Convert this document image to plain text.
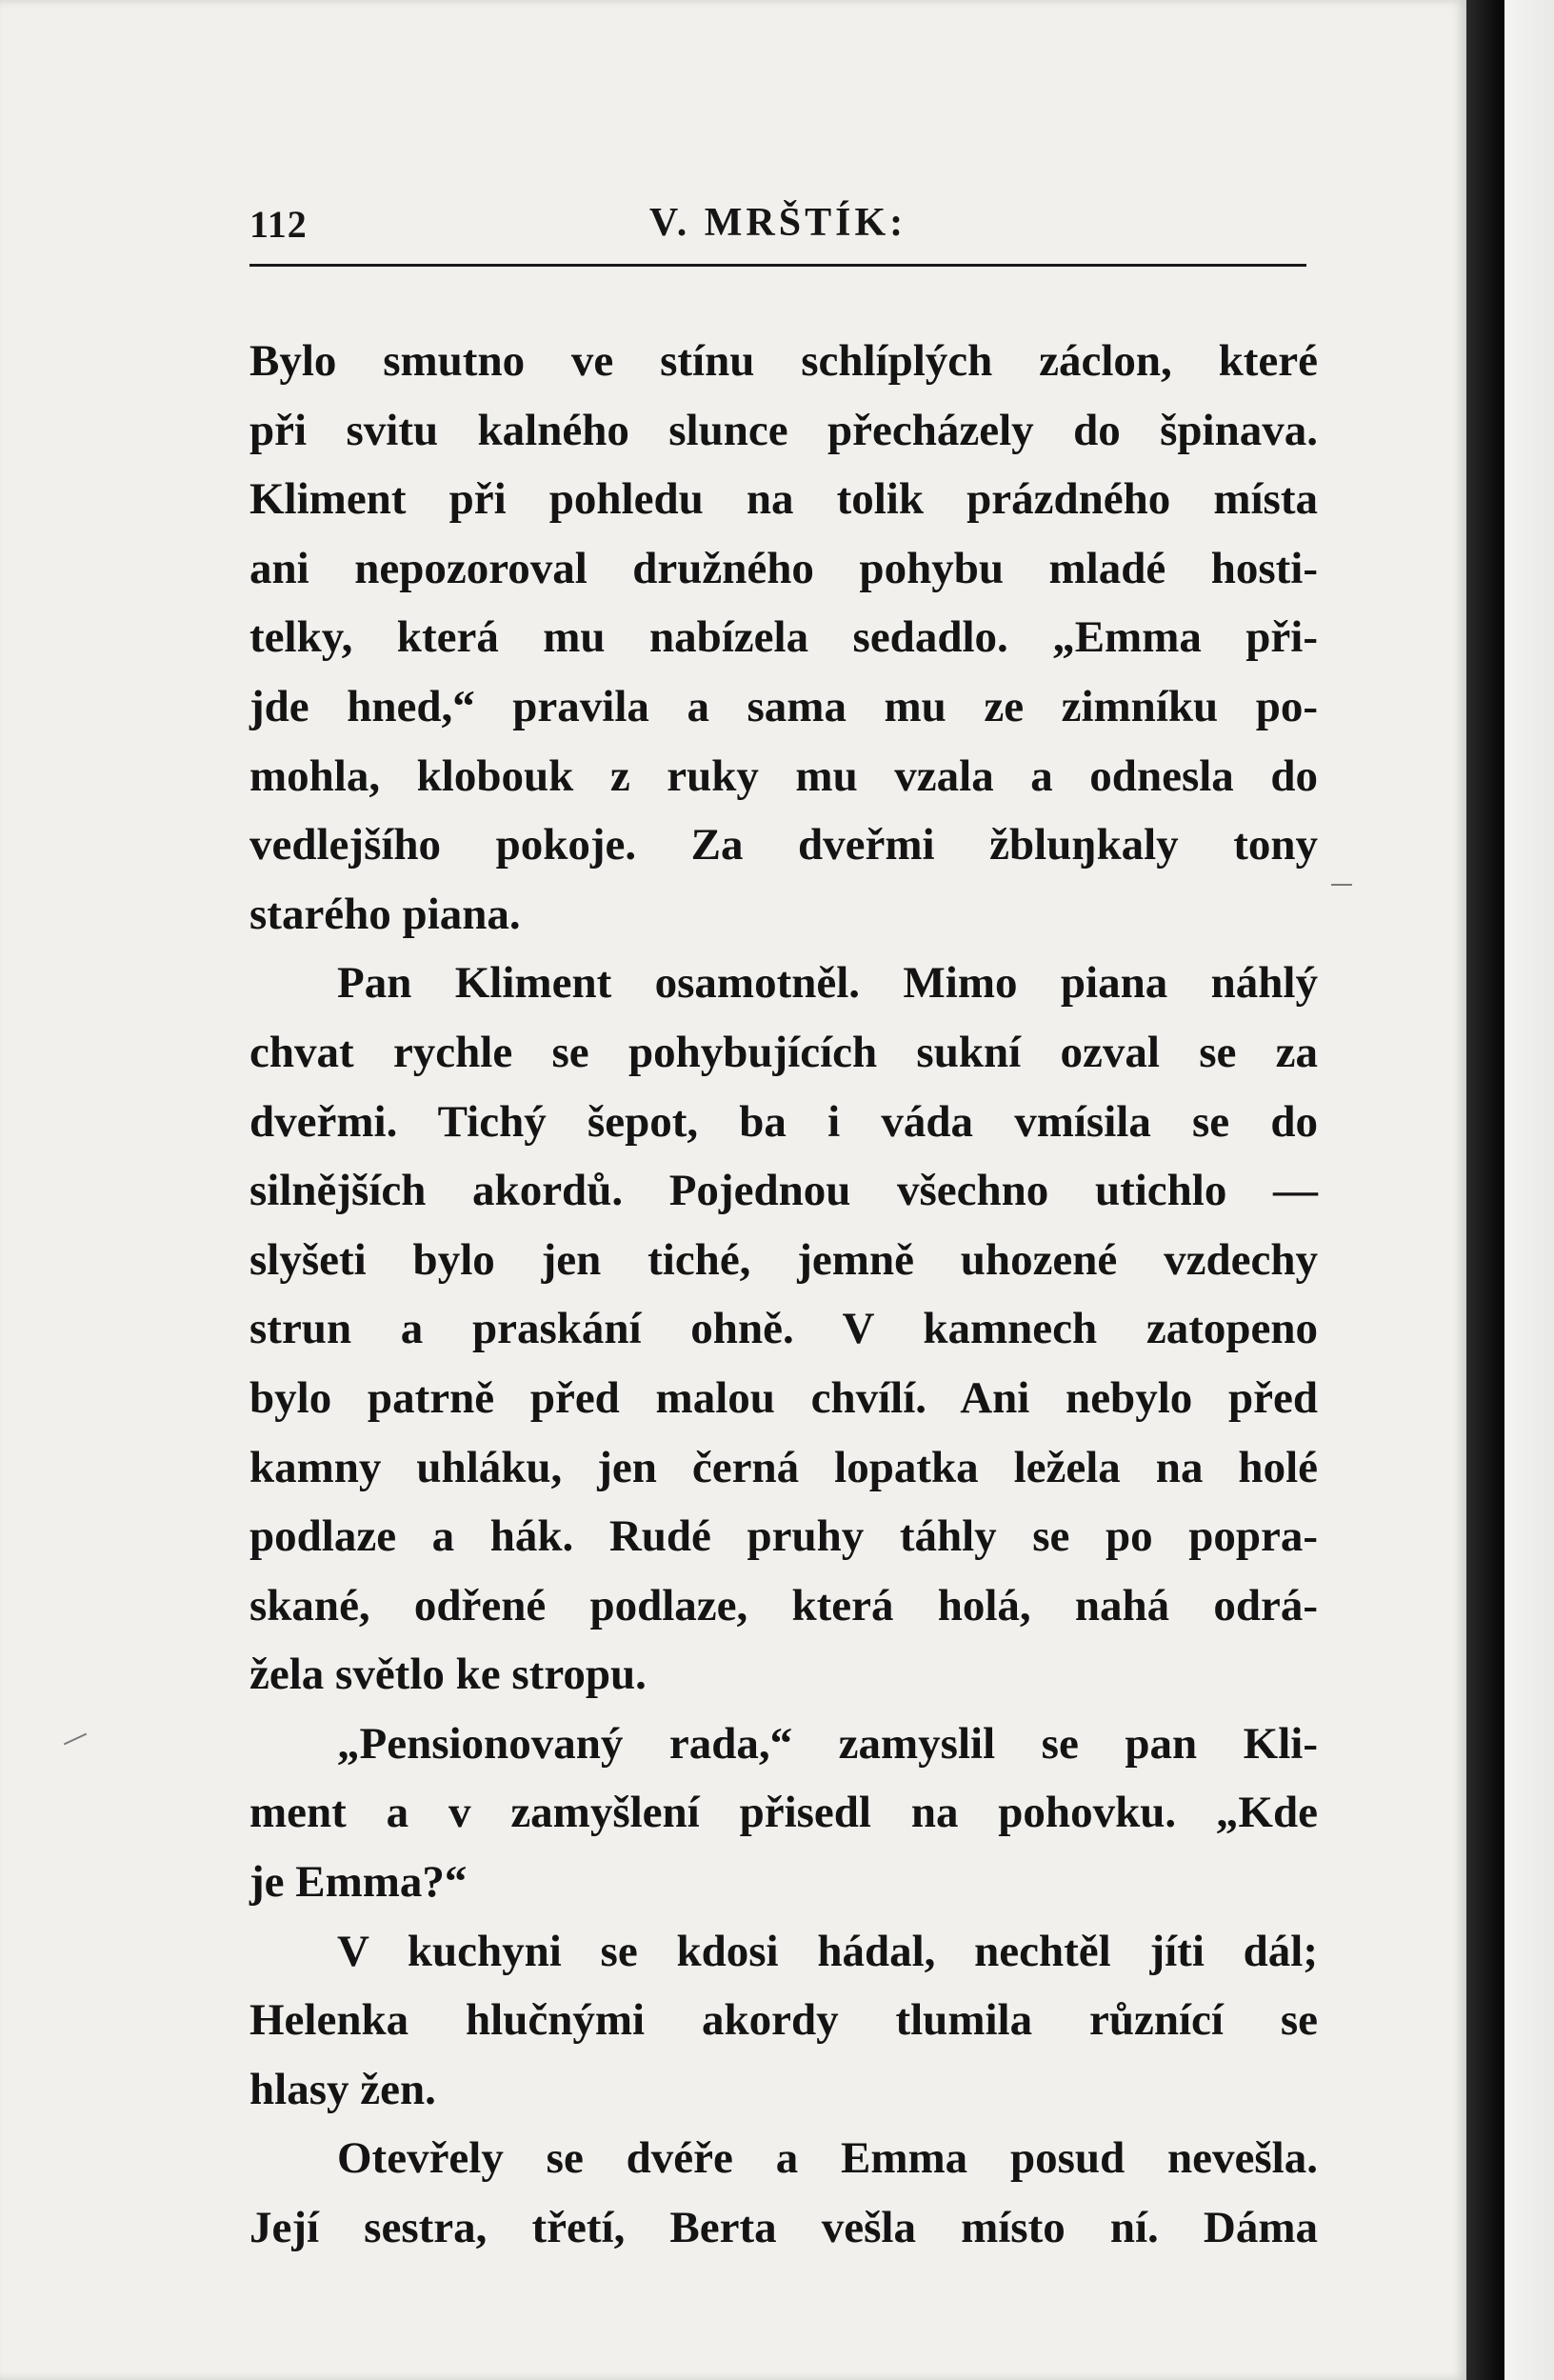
112	V. MRŠTÍK:
Bylo smutno ve stínu schlíplých záclon, které
při svitu kalného slunce přecházely do špinava.
Kliment při pohledu na tolik prázdného místa
ani nepozoroval družného pohybu mladé hosti-
telky, která mu nabízela sedadlo. „Emma při-
jde hned,“ pravila a sama mu ze zimníku po-
mohla, klobouk z ruky mu vzala a odnesla do
vedlejšího pokoje. Za dveřmi žbluŋkaly tony
starého piana.
Pan Kliment osamotněl. Mimo piana náhlý
chvat rychle se pohybujících sukní ozval se za
dveřmi. Tichý šepot, ba i váda vmísila se do
silnějších akordů. Pojednou všechno utichlo —
slyšeti bylo jen tiché, jemně uhozené vzdechy
strun a praskání ohně. V kamnech zatopeno
bylo patrně před malou chvílí. Ani nebylo před
kamny uhláku, jen černá lopatka ležela na holé
podlaze a hák. Rudé pruhy táhly se po popra-
skané, odřené podlaze, která holá, nahá odrá-
žela světlo ke stropu.
„Pensionovaný rada,“ zamyslil se pan Kli-
ment a v zamyšlení přisedl na pohovku. „Kde
je Emma?“
V kuchyni se kdosi hádal, nechtěl jíti dál;
Helenka hlučnými akordy tlumila různící se
hlasy žen.
Otevřely se dvéře a Emma posud nevešla.
Její sestra, třetí, Berta vešla místo ní. Dáma
